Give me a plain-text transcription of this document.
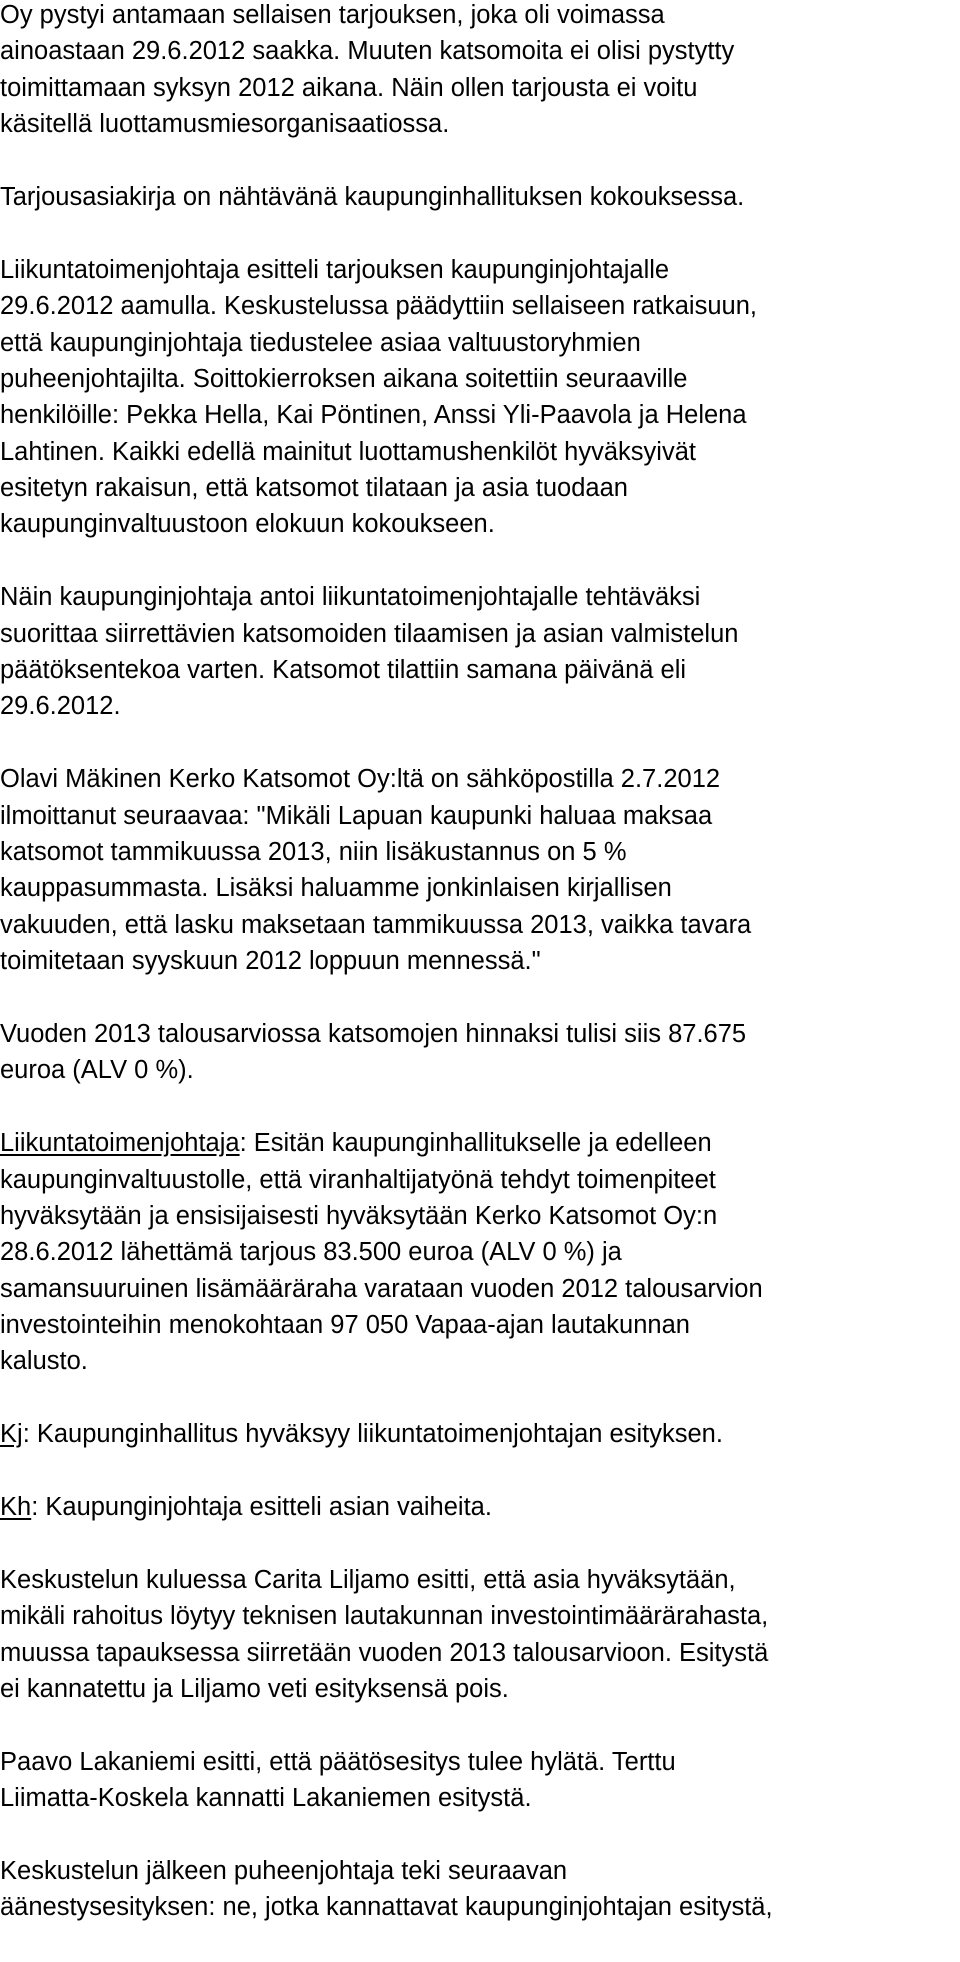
Oy pystyi antamaan sellaisen tarjouksen, joka oli voimassa
ainoastaan 29.6.2012 saakka. Muuten katsomoita ei olisi pystytty
toimittamaan syksyn 2012 aikana. Näin ollen tarjousta ei voitu
käsitellä luottamusmiesorganisaatiossa.
Tarjousasiakirja on nähtävänä kaupunginhallituksen kokouksessa.
Liikuntatoimenjohtaja esitteli tarjouksen kaupunginjohtajalle
29.6.2012 aamulla. Keskustelussa päädyttiin sellaiseen ratkaisuun,
että kaupunginjohtaja tiedustelee asiaa valtuustoryhmien
puheenjohtajilta. Soittokierroksen aikana soitettiin seuraaville
henkilöille: Pekka Hella, Kai Pöntinen, Anssi Yli-Paavola ja Helena
Lahtinen. Kaikki edellä mainitut luottamushenkilöt hyväksyivät
esitetyn rakaisun, että katsomot tilataan ja asia tuodaan
kaupunginvaltuustoon elokuun kokoukseen.
Näin kaupunginjohtaja antoi liikuntatoimenjohtajalle tehtäväksi
suorittaa siirrettävien katsomoiden tilaamisen ja asian valmistelun
päätöksentekoa varten. Katsomot tilattiin samana päivänä eli
29.6.2012.
Olavi Mäkinen Kerko Katsomot Oy:ltä on sähköpostilla 2.7.2012
ilmoittanut seuraavaa: "Mikäli Lapuan kaupunki haluaa maksaa
katsomot tammikuussa 2013, niin lisäkustannus on 5 %
kauppasummasta. Lisäksi haluamme jonkinlaisen kirjallisen
vakuuden, että lasku maksetaan tammikuussa 2013, vaikka tavara
toimitetaan syyskuun 2012 loppuun mennessä."
Vuoden 2013 talousarviossa katsomojen hinnaksi tulisi siis 87.675
euroa (ALV 0 %).
Liikuntatoimenjohtaja: Esitän kaupunginhallitukselle ja edelleen
kaupunginvaltuustolle, että viranhaltijatyönä tehdyt toimenpiteet
hyväksytään ja ensisijaisesti hyväksytään Kerko Katsomot Oy:n
28.6.2012 lähettämä tarjous 83.500 euroa (ALV 0 %) ja
samansuuruinen lisämääräraha varataan vuoden 2012 talousarvion
investointeihin menokohtaan 97 050 Vapaa-ajan lautakunnan
kalusto.
Kj: Kaupunginhallitus hyväksyy liikuntatoimenjohtajan esityksen.
Kh: Kaupunginjohtaja esitteli asian vaiheita.
Keskustelun kuluessa Carita Liljamo esitti, että asia hyväksytään,
mikäli rahoitus löytyy teknisen lautakunnan investointimäärärahasta,
muussa tapauksessa siirretään vuoden 2013 talousarvioon. Esitystä
ei kannatettu ja Liljamo veti esityksensä pois.
Paavo Lakaniemi esitti, että päätösesitys tulee hylätä. Terttu
Liimatta-Koskela kannatti Lakaniemen esitystä.
Keskustelun jälkeen puheenjohtaja teki seuraavan
äänestysesityksen: ne, jotka kannattavat kaupunginjohtajan esitystä,
